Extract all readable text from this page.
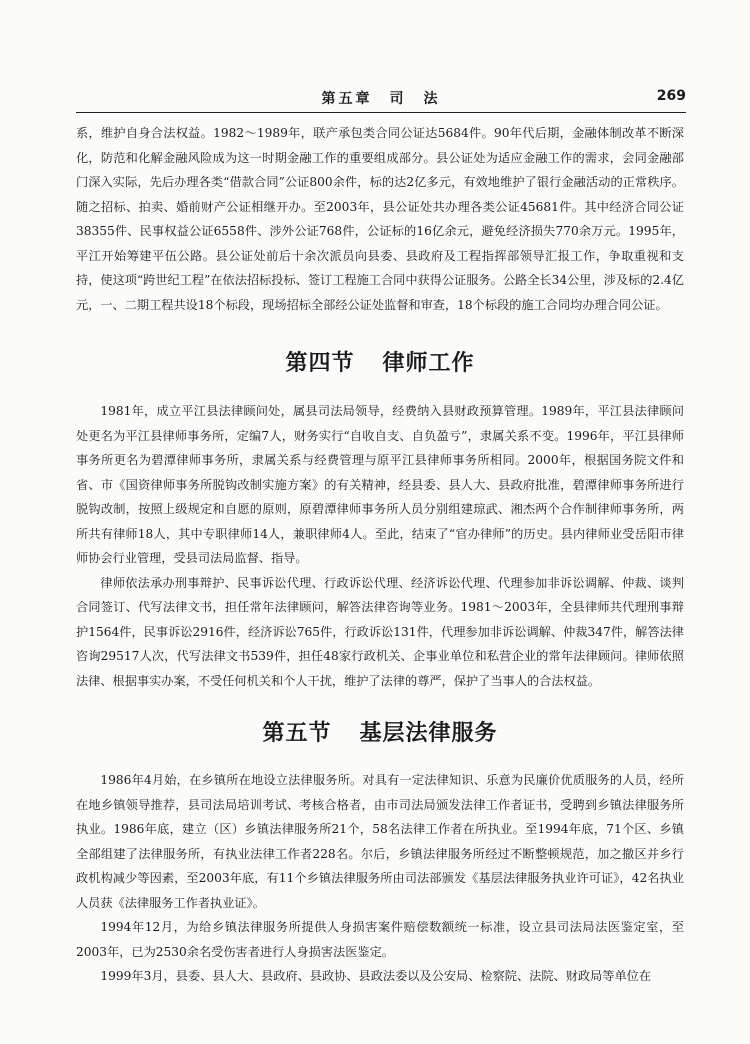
第五章　司　法	269

系，维护自身合法权益。1982～1989年，联产承包类合同公证达5684件。90年代后期，金融体制改革不断深化，防范和化解金融风险成为这一时期金融工作的重要组成部分。县公证处为适应金融工作的需求，会同金融部门深入实际，先后办理各类“借款合同”公证800余件，标的达2亿多元，有效地维护了银行金融活动的正常秩序。随之招标、拍卖、婚前财产公证相继开办。至2003年，县公证处共办理各类公证45681件。其中经济合同公证38355件、民事权益公证6558件、涉外公证768件，公证标的16亿余元，避免经济损失770余万元。1995年，平江开始筹建平伍公路。县公证处前后十余次派员向县委、县政府及工程指挥部领导汇报工作，争取重视和支持，使这项“跨世纪工程”在依法招标投标、签订工程施工合同中获得公证服务。公路全长34公里，涉及标的2.4亿元，一、二期工程共设18个标段，现场招标全部经公证处监督和审查，18个标段的施工合同均办理合同公证。

第四节 律师工作

1981年，成立平江县法律顾问处，属县司法局领导，经费纳入县财政预算管理。1989年，平江县法律顾问处更名为平江县律师事务所，定编7人，财务实行“自收自支、自负盈亏”，隶属关系不变。1996年，平江县律师事务所更名为碧潭律师事务所，隶属关系与经费管理与原平江县律师事务所相同。2000年，根据国务院文件和省、市《国资律师事务所脱钩改制实施方案》的有关精神，经县委、县人大、县政府批准，碧潭律师事务所进行脱钩改制，按照上级规定和自愿的原则，原碧潭律师事务所人员分别组建琼武、湘杰两个合作制律师事务所，两所共有律师18人，其中专职律师14人，兼职律师4人。至此，结束了“官办律师”的历史。县内律师业受岳阳市律师协会行业管理，受县司法局监督、指导。

律师依法承办刑事辩护、民事诉讼代理、行政诉讼代理、经济诉讼代理、代理参加非诉讼调解、仲裁、谈判合同签订、代写法律文书，担任常年法律顾问，解答法律咨询等业务。1981～2003年，全县律师共代理刑事辩护1564件，民事诉讼2916件，经济诉讼765件，行政诉讼131件，代理参加非诉讼调解、仲裁347件，解答法律咨询29517人次，代写法律文书539件，担任48家行政机关、企事业单位和私营企业的常年法律顾问。律师依照法律、根据事实办案，不受任何机关和个人干扰，维护了法律的尊严，保护了当事人的合法权益。

第五节 基层法律服务

1986年4月始，在乡镇所在地设立法律服务所。对具有一定法律知识、乐意为民廉价优质服务的人员，经所在地乡镇领导推荐，县司法局培训考试、考核合格者，由市司法局颁发法律工作者证书，受聘到乡镇法律服务所执业。1986年底，建立（区）乡镇法律服务所21个，58名法律工作者在所执业。至1994年底，71个区、乡镇全部组建了法律服务所，有执业法律工作者228名。尔后，乡镇法律服务所经过不断整顿规范，加之撤区并乡行政机构减少等因素，至2003年底，有11个乡镇法律服务所由司法部颁发《基层法律服务执业许可证》，42名执业人员获《法律服务工作者执业证》。

1994年12月，为给乡镇法律服务所提供人身损害案件赔偿数额统一标准，设立县司法局法医鉴定室，至2003年，已为2530余名受伤害者进行人身损害法医鉴定。

1999年3月，县委、县人大、县政府、县政协、县政法委以及公安局、检察院、法院、财政局等单位在
